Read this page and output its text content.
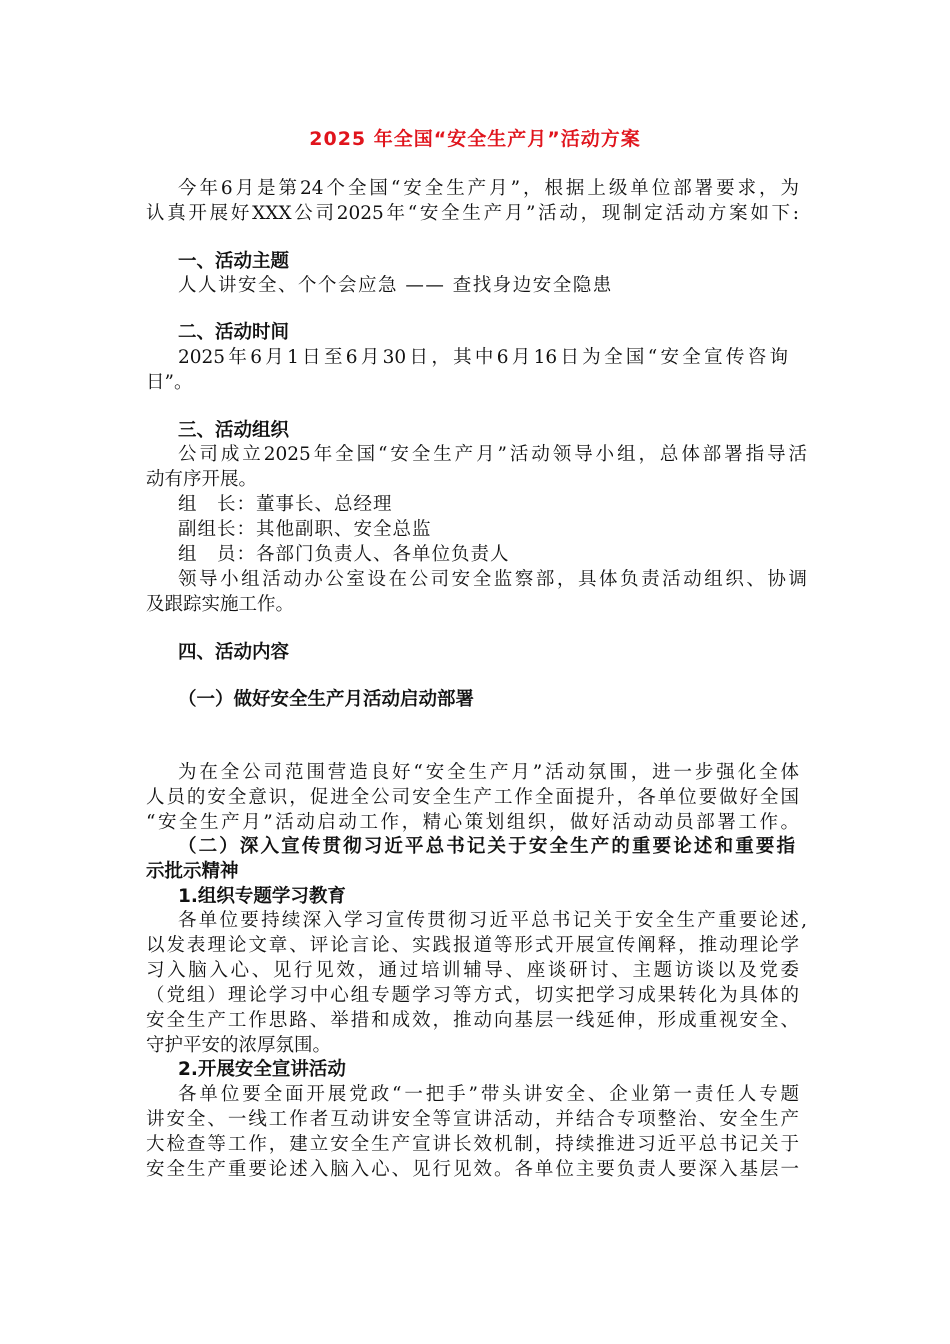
2025 年全国“安全生产月”活动方案
今年6月是第24个全国“安全生产月”，根据上级单位部署要求，为
认真开展好XXX公司2025年“安全生产月”活动，现制定活动方案如下:
一、活动主题
人人讲安全、个个会应急 —— 查找身边安全隐患
二、活动时间
2025年6月1日至6月30日，其中6月16日为全国“安全宣传咨询
日”。
三、活动组织
公司成立2025年全国“安全生产月”活动领导小组，总体部署指导活
动有序开展。
组　长：董事长、总经理
副组长：其他副职、安全总监
组　员：各部门负责人、各单位负责人
领导小组活动办公室设在公司安全监察部，具体负责活动组织、协调
及跟踪实施工作。
四、活动内容
（一）做好安全生产月活动启动部署
为在全公司范围营造良好“安全生产月”活动氛围，进一步强化全体
人员的安全意识，促进全公司安全生产工作全面提升，各单位要做好全国
“安全生产月”活动启动工作，精心策划组织，做好活动动员部署工作。
（二）深入宣传贯彻习近平总书记关于安全生产的重要论述和重要指
示批示精神
1.组织专题学习教育
各单位要持续深入学习宣传贯彻习近平总书记关于安全生产重要论述,
以发表理论文章、评论言论、实践报道等形式开展宣传阐释，推动理论学
习入脑入心、见行见效，通过培训辅导、座谈研讨、主题访谈以及党委
（党组）理论学习中心组专题学习等方式，切实把学习成果转化为具体的
安全生产工作思路、举措和成效，推动向基层一线延伸，形成重视安全、
守护平安的浓厚氛围。
2.开展安全宣讲活动
各单位要全面开展党政“一把手”带头讲安全、企业第一责任人专题
讲安全、一线工作者互动讲安全等宣讲活动，并结合专项整治、安全生产
大检查等工作，建立安全生产宣讲长效机制，持续推进习近平总书记关于
安全生产重要论述入脑入心、见行见效。各单位主要负责人要深入基层一
